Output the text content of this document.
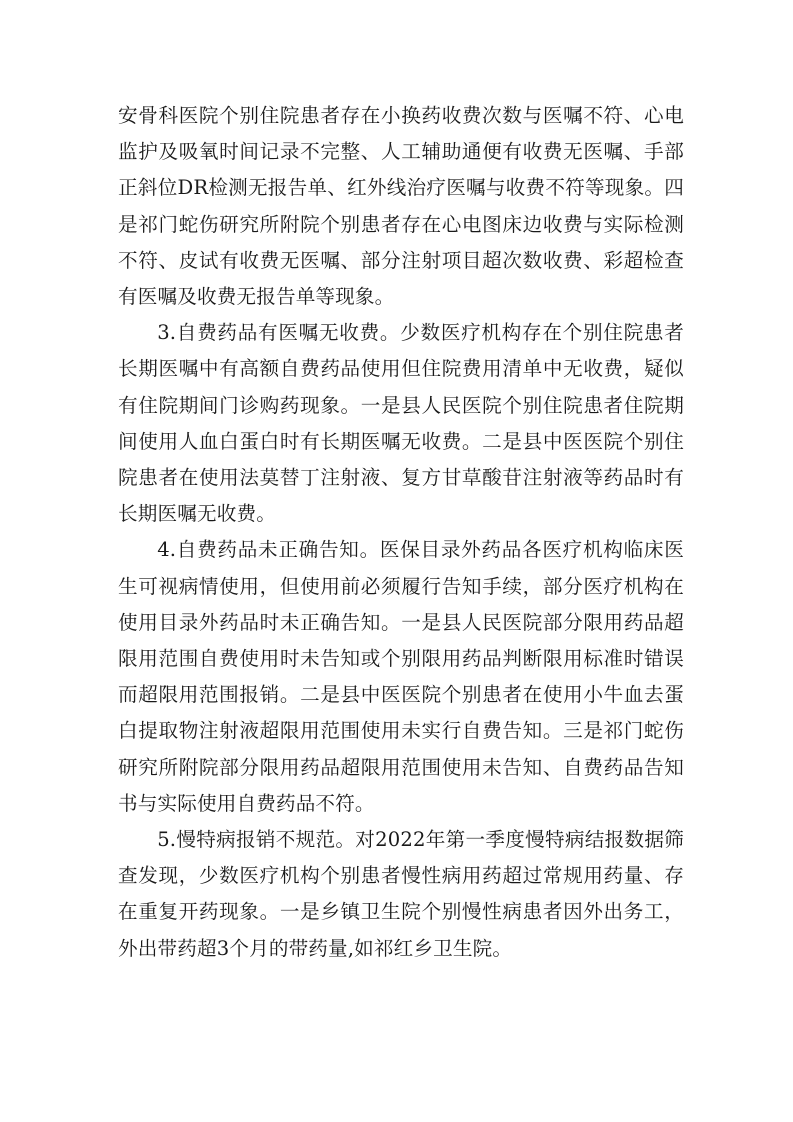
安骨科医院个别住院患者存在小换药收费次数与医嘱不符、心电监护及吸氧时间记录不完整、人工辅助通便有收费无医嘱、手部正斜位DR检测无报告单、红外线治疗医嘱与收费不符等现象。四是祁门蛇伤研究所附院个别患者存在心电图床边收费与实际检测不符、皮试有收费无医嘱、部分注射项目超次数收费、彩超检查有医嘱及收费无报告单等现象。

3.自费药品有医嘱无收费。少数医疗机构存在个别住院患者长期医嘱中有高额自费药品使用但住院费用清单中无收费，疑似有住院期间门诊购药现象。一是县人民医院个别住院患者住院期间使用人血白蛋白时有长期医嘱无收费。二是县中医医院个别住院患者在使用法莫替丁注射液、复方甘草酸苷注射液等药品时有长期医嘱无收费。

4.自费药品未正确告知。医保目录外药品各医疗机构临床医生可视病情使用，但使用前必须履行告知手续，部分医疗机构在使用目录外药品时未正确告知。一是县人民医院部分限用药品超限用范围自费使用时未告知或个别限用药品判断限用标准时错误而超限用范围报销。二是县中医医院个别患者在使用小牛血去蛋白提取物注射液超限用范围使用未实行自费告知。三是祁门蛇伤研究所附院部分限用药品超限用范围使用未告知、自费药品告知书与实际使用自费药品不符。

5.慢特病报销不规范。对2022年第一季度慢特病结报数据筛查发现，少数医疗机构个别患者慢性病用药超过常规用药量、存在重复开药现象。一是乡镇卫生院个别慢性病患者因外出务工，外出带药超3个月的带药量,如祁红乡卫生院。
